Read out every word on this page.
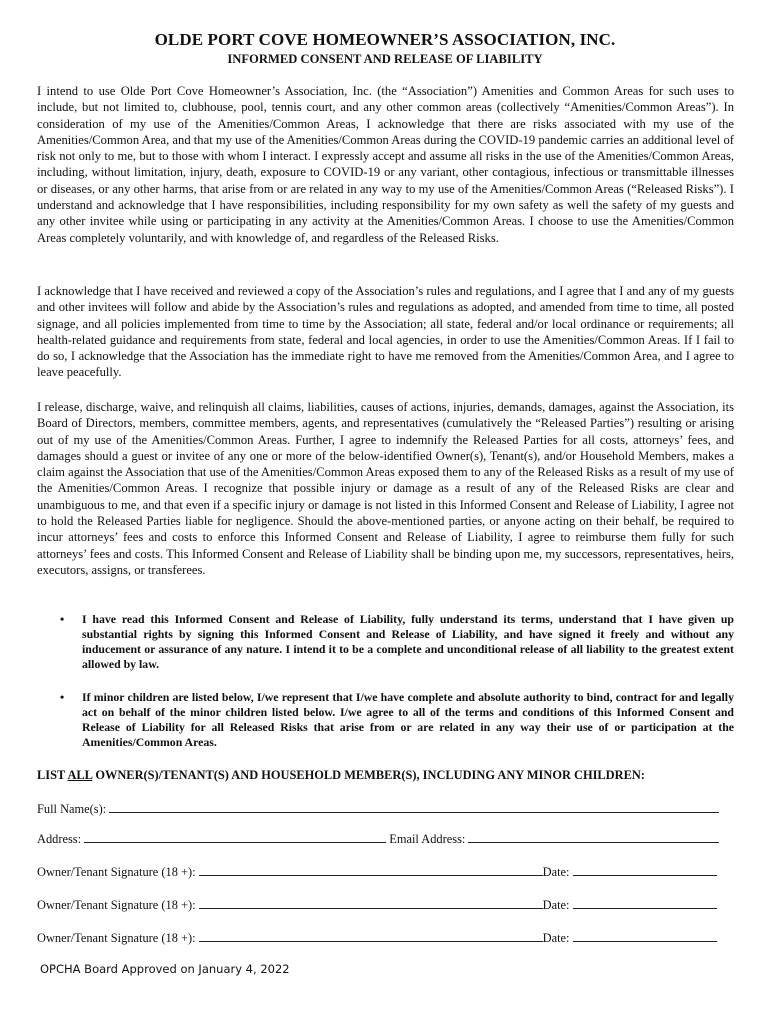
OLDE PORT COVE HOMEOWNER’S ASSOCIATION, INC.
INFORMED CONSENT AND RELEASE OF LIABILITY

I intend to use Olde Port Cove Homeowner’s Association, Inc. (the “Association”) Amenities and Common Areas for such uses to include, but not limited to, clubhouse, pool, tennis court, and any other common areas (collectively “Amenities/Common Areas”). In consideration of my use of the Amenities/Common Areas, I acknowledge that there are risks associated with my use of the Amenities/Common Area, and that my use of the Amenities/Common Areas during the COVID-19 pandemic carries an additional level of risk not only to me, but to those with whom I interact. I expressly accept and assume all risks in the use of the Amenities/Common Areas, including, without limitation, injury, death, exposure to COVID-19 or any variant, other contagious, infectious or transmittable illnesses or diseases, or any other harms, that arise from or are related in any way to my use of the Amenities/Common Areas (“Released Risks”). I understand and acknowledge that I have responsibilities, including responsibility for my own safety as well the safety of my guests and any other invitee while using or participating in any activity at the Amenities/Common Areas. I choose to use the Amenities/Common Areas completely voluntarily, and with knowledge of, and regardless of the Released Risks.

I acknowledge that I have received and reviewed a copy of the Association’s rules and regulations, and I agree that I and any of my guests and other invitees will follow and abide by the Association’s rules and regulations as adopted, and amended from time to time, all posted signage, and all policies implemented from time to time by the Association; all state, federal and/or local ordinance or requirements; all health-related guidance and requirements from state, federal and local agencies, in order to use the Amenities/Common Areas. If I fail to do so, I acknowledge that the Association has the immediate right to have me removed from the Amenities/Common Area, and I agree to leave peacefully.

I release, discharge, waive, and relinquish all claims, liabilities, causes of actions, injuries, demands, damages, against the Association, its Board of Directors, members, committee members, agents, and representatives (cumulatively the “Released Parties”) resulting or arising out of my use of the Amenities/Common Areas. Further, I agree to indemnify the Released Parties for all costs, attorneys’ fees, and damages should a guest or invitee of any one or more of the below-identified Owner(s), Tenant(s), and/or Household Members, makes a claim against the Association that use of the Amenities/Common Areas exposed them to any of the Released Risks as a result of my use of the Amenities/Common Areas. I recognize that possible injury or damage as a result of any of the Released Risks are clear and unambiguous to me, and that even if a specific injury or damage is not listed in this Informed Consent and Release of Liability, I agree not to hold the Released Parties liable for negligence. Should the above-mentioned parties, or anyone acting on their behalf, be required to incur attorneys’ fees and costs to enforce this Informed Consent and Release of Liability, I agree to reimburse them fully for such attorneys’ fees and costs. This Informed Consent and Release of Liability shall be binding upon me, my successors, representatives, heirs, executors, assigns, or transferees.

• I have read this Informed Consent and Release of Liability, fully understand its terms, understand that I have given up substantial rights by signing this Informed Consent and Release of Liability, and have signed it freely and without any inducement or assurance of any nature. I intend it to be a complete and unconditional release of all liability to the greatest extent allowed by law.
• If minor children are listed below, I/we represent that I/we have complete and absolute authority to bind, contract for and legally act on behalf of the minor children listed below. I/we agree to all of the terms and conditions of this Informed Consent and Release of Liability for all Released Risks that arise from or are related in any way their use of or participation at the Amenities/Common Areas.
LIST ALL OWNER(S)/TENANT(S) AND HOUSEHOLD MEMBER(S), INCLUDING ANY MINOR CHILDREN:
Full Name(s):
Address:	Email Address:
Owner/Tenant Signature (18 +):	Date:
Owner/Tenant Signature (18 +):	Date:
Owner/Tenant Signature (18 +):	Date:
OPCHA Board Approved on January 4, 2022
